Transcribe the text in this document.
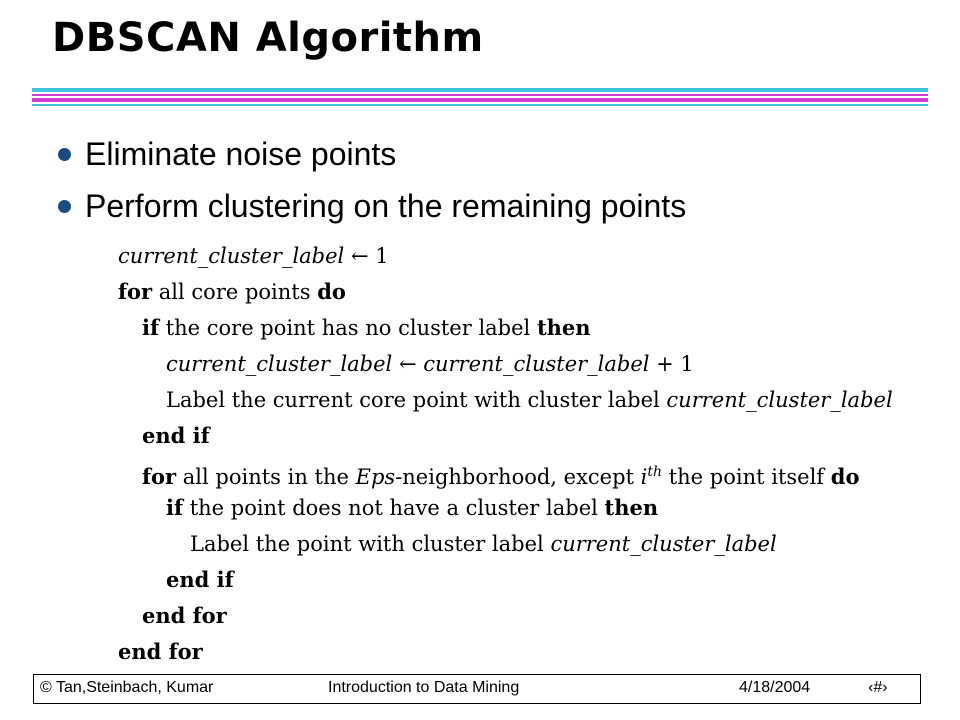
DBSCAN Algorithm
Eliminate noise points
Perform clustering on the remaining points
current_cluster_label ← 1
for all core points do
if the core point has no cluster label then
current_cluster_label ← current_cluster_label + 1
Label the current core point with cluster label current_cluster_label
end if
for all points in the Eps-neighborhood, except $i^{th}$ the point itself do
if the point does not have a cluster label then
Label the point with cluster label current_cluster_label
end if
end for
end for
© Tan,Steinbach, Kumar	Introduction to Data Mining	4/18/2004	‹#›
